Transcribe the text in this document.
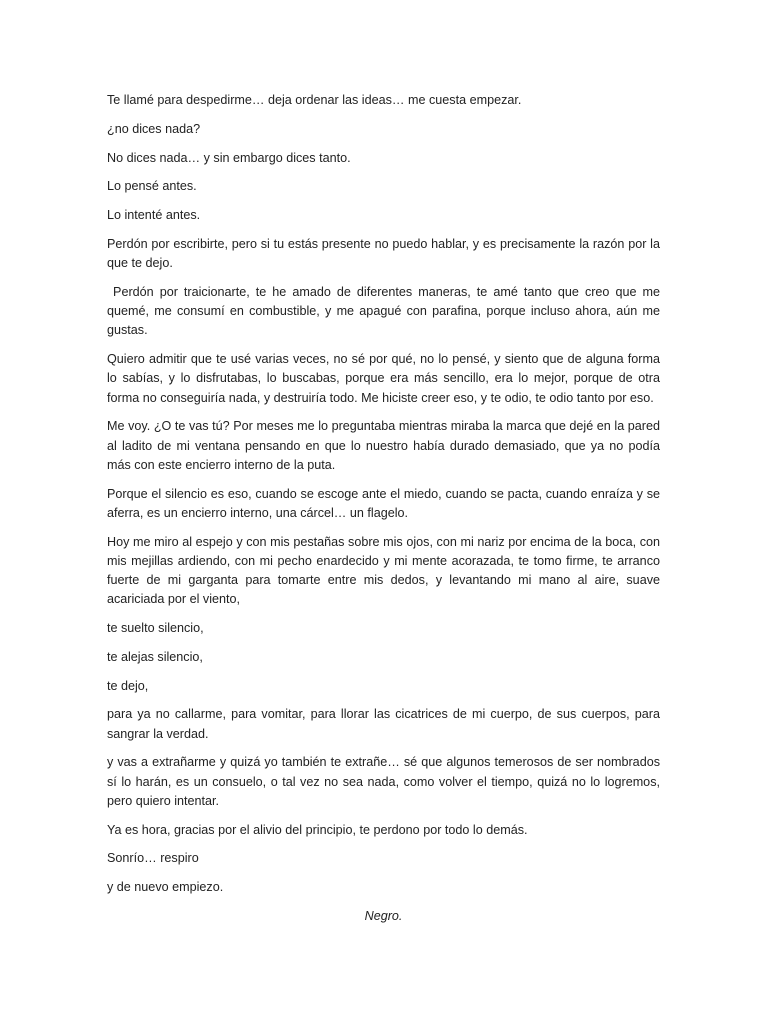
Te llamé para despedirme… deja ordenar las ideas… me cuesta empezar.

¿no dices nada?

No dices nada… y sin embargo dices tanto.

Lo pensé antes.

Lo intenté antes.

Perdón por escribirte, pero si tu estás presente no puedo hablar, y es precisamente la razón por la que te dejo.

Perdón por traicionarte, te he amado de diferentes maneras, te amé tanto que creo que me quemé, me consumí en combustible, y me apagué con parafina, porque incluso ahora, aún me gustas.

Quiero admitir que te usé varias veces, no sé por qué, no lo pensé, y siento que de alguna forma lo sabías, y lo disfrutabas, lo buscabas, porque era más sencillo, era lo mejor, porque de otra forma no conseguiría nada, y destruiría todo. Me hiciste creer eso, y te odio, te odio tanto por eso.

Me voy. ¿O te vas tú? Por meses me lo preguntaba mientras miraba la marca que dejé en la pared al ladito de mi ventana pensando en que lo nuestro había durado demasiado, que ya no podía más con este encierro interno de la puta.

Porque el silencio es eso, cuando se escoge ante el miedo, cuando se pacta, cuando enraíza y se aferra, es un encierro interno, una cárcel… un flagelo.

Hoy me miro al espejo y con mis pestañas sobre mis ojos, con mi nariz por encima de la boca, con mis mejillas ardiendo, con mi pecho enardecido y mi mente acorazada, te tomo firme, te arranco fuerte de mi garganta para tomarte entre mis dedos, y levantando mi mano al aire, suave acariciada por el viento,

te suelto silencio,

te alejas silencio,

te dejo,

para ya no callarme, para vomitar, para llorar las cicatrices de mi cuerpo, de sus cuerpos, para sangrar la verdad.

y vas a extrañarme y quizá yo también te extrañe… sé que algunos temerosos de ser nombrados sí lo harán, es un consuelo, o tal vez no sea nada, como volver el tiempo, quizá no lo logremos, pero quiero intentar.

Ya es hora, gracias por el alivio del principio, te perdono por todo lo demás.

Sonrío… respiro

y de nuevo empiezo.

Negro.
